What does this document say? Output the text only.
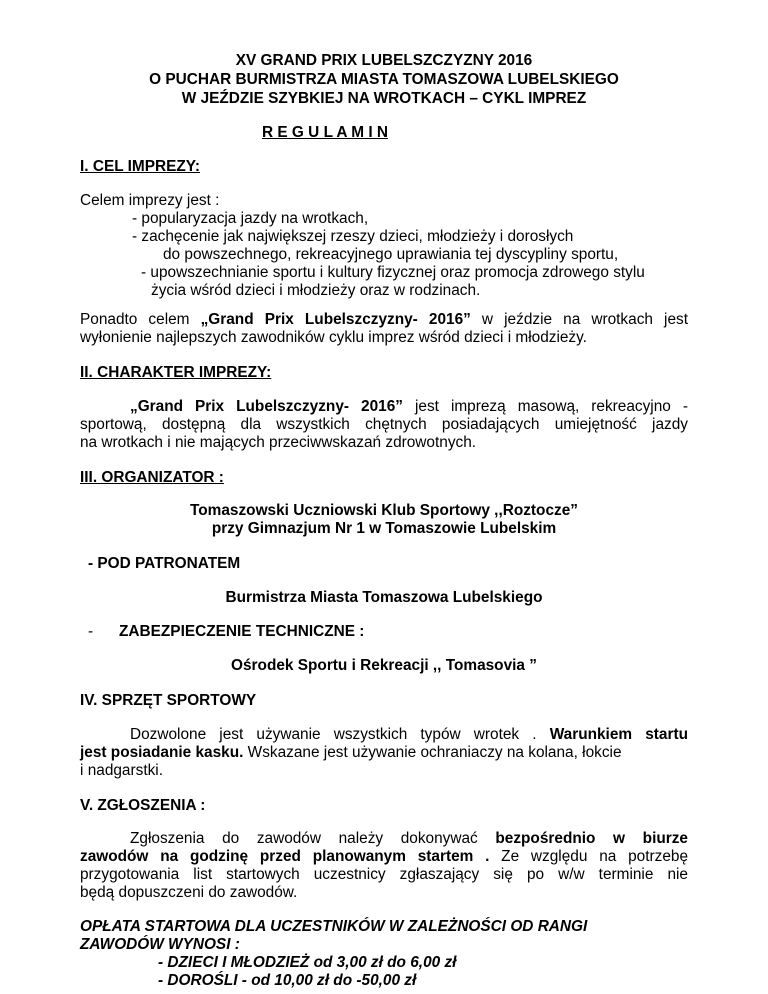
XV GRAND PRIX LUBELSZCZYZNY 2016
O PUCHAR BURMISTRZA MIASTA TOMASZOWA LUBELSKIEGO
W JEŹDZIE SZYBKIEJ NA WROTKACH – CYKL IMPREZ
R E G U L A M I N
I. CEL IMPREZY:
Celem imprezy jest :
- popularyzacja jazdy na wrotkach,
- zachęcenie jak największej rzeszy dzieci, młodzieży i dorosłych
do powszechnego, rekreacyjnego uprawiania tej dyscypliny sportu,
- upowszechnianie sportu i kultury fizycznej oraz promocja zdrowego stylu
życia wśród dzieci i młodzieży oraz w rodzinach.
Ponadto celem „Grand Prix Lubelszczyzny- 2016” w jeździe na wrotkach jest
wyłonienie najlepszych zawodników cyklu imprez wśród dzieci i młodzieży.
II. CHARAKTER IMPREZY:
„Grand Prix Lubelszczyzny- 2016” jest imprezą masową, rekreacyjno -
sportową, dostępną dla wszystkich chętnych posiadających umiejętność jazdy
na wrotkach i nie mających przeciwwskazań zdrowotnych.
III. ORGANIZATOR :
Tomaszowski Uczniowski Klub Sportowy ,,Roztocze”
przy Gimnazjum Nr 1 w Tomaszowie Lubelskim
- POD PATRONATEM
Burmistrza Miasta Tomaszowa Lubelskiego
- ZABEZPIECZENIE TECHNICZNE :
Ośrodek Sportu i Rekreacji ,, Tomasovia ”
IV. SPRZĘT SPORTOWY
Dozwolone jest używanie wszystkich typów wrotek . Warunkiem startu
jest posiadanie kasku. Wskazane jest używanie ochraniaczy na kolana, łokcie
i nadgarstki.
V. ZGŁOSZENIA :
Zgłoszenia do zawodów należy dokonywać bezpośrednio w biurze
zawodów na godzinę przed planowanym startem . Ze względu na potrzebę
przygotowania list startowych uczestnicy zgłaszający się po w/w terminie nie
będą dopuszczeni do zawodów.
OPŁATA STARTOWA DLA UCZESTNIKÓW W ZALEŻNOŚCI OD RANGI
ZAWODÓW WYNOSI :
- DZIECI I MŁODZIEŻ od 3,00 zł do 6,00 zł
- DOROŚLI - od 10,00 zł do -50,00 zł
